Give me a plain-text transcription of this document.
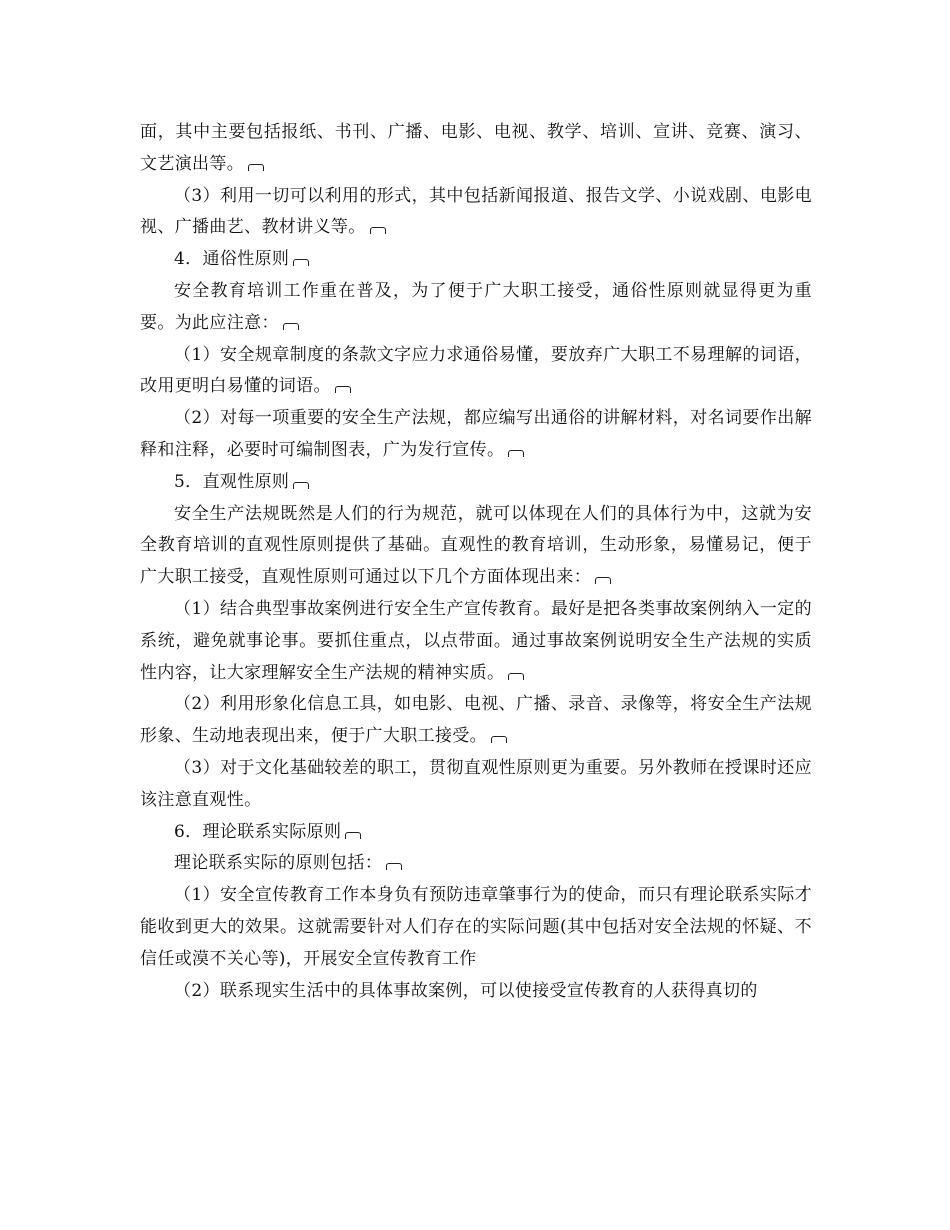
面，其中主要包括报纸、书刊、广播、电影、电视、教学、培训、宣讲、竞赛、演习、文艺演出等。

（3）利用一切可以利用的形式，其中包括新闻报道、报告文学、小说戏剧、电影电视、广播曲艺、教材讲义等。

4．通俗性原则

安全教育培训工作重在普及，为了便于广大职工接受，通俗性原则就显得更为重要。为此应注意：

（1）安全规章制度的条款文字应力求通俗易懂，要放弃广大职工不易理解的词语，改用更明白易懂的词语。

（2）对每一项重要的安全生产法规，都应编写出通俗的讲解材料，对名词要作出解释和注释，必要时可编制图表，广为发行宣传。

5．直观性原则

安全生产法规既然是人们的行为规范，就可以体现在人们的具体行为中，这就为安全教育培训的直观性原则提供了基础。直观性的教育培训，生动形象，易懂易记，便于广大职工接受，直观性原则可通过以下几个方面体现出来：

（1）结合典型事故案例进行安全生产宣传教育。最好是把各类事故案例纳入一定的系统，避免就事论事。要抓住重点，以点带面。通过事故案例说明安全生产法规的实质性内容，让大家理解安全生产法规的精神实质。

（2）利用形象化信息工具，如电影、电视、广播、录音、录像等，将安全生产法规形象、生动地表现出来，便于广大职工接受。

（3）对于文化基础较差的职工，贯彻直观性原则更为重要。另外教师在授课时还应该注意直观性。

6．理论联系实际原则

理论联系实际的原则包括：

（1）安全宣传教育工作本身负有预防违章肇事行为的使命，而只有理论联系实际才能收到更大的效果。这就需要针对人们存在的实际问题(其中包括对安全法规的怀疑、不信任或漠不关心等)，开展安全宣传教育工作

（2）联系现实生活中的具体事故案例，可以使接受宣传教育的人获得真切的
